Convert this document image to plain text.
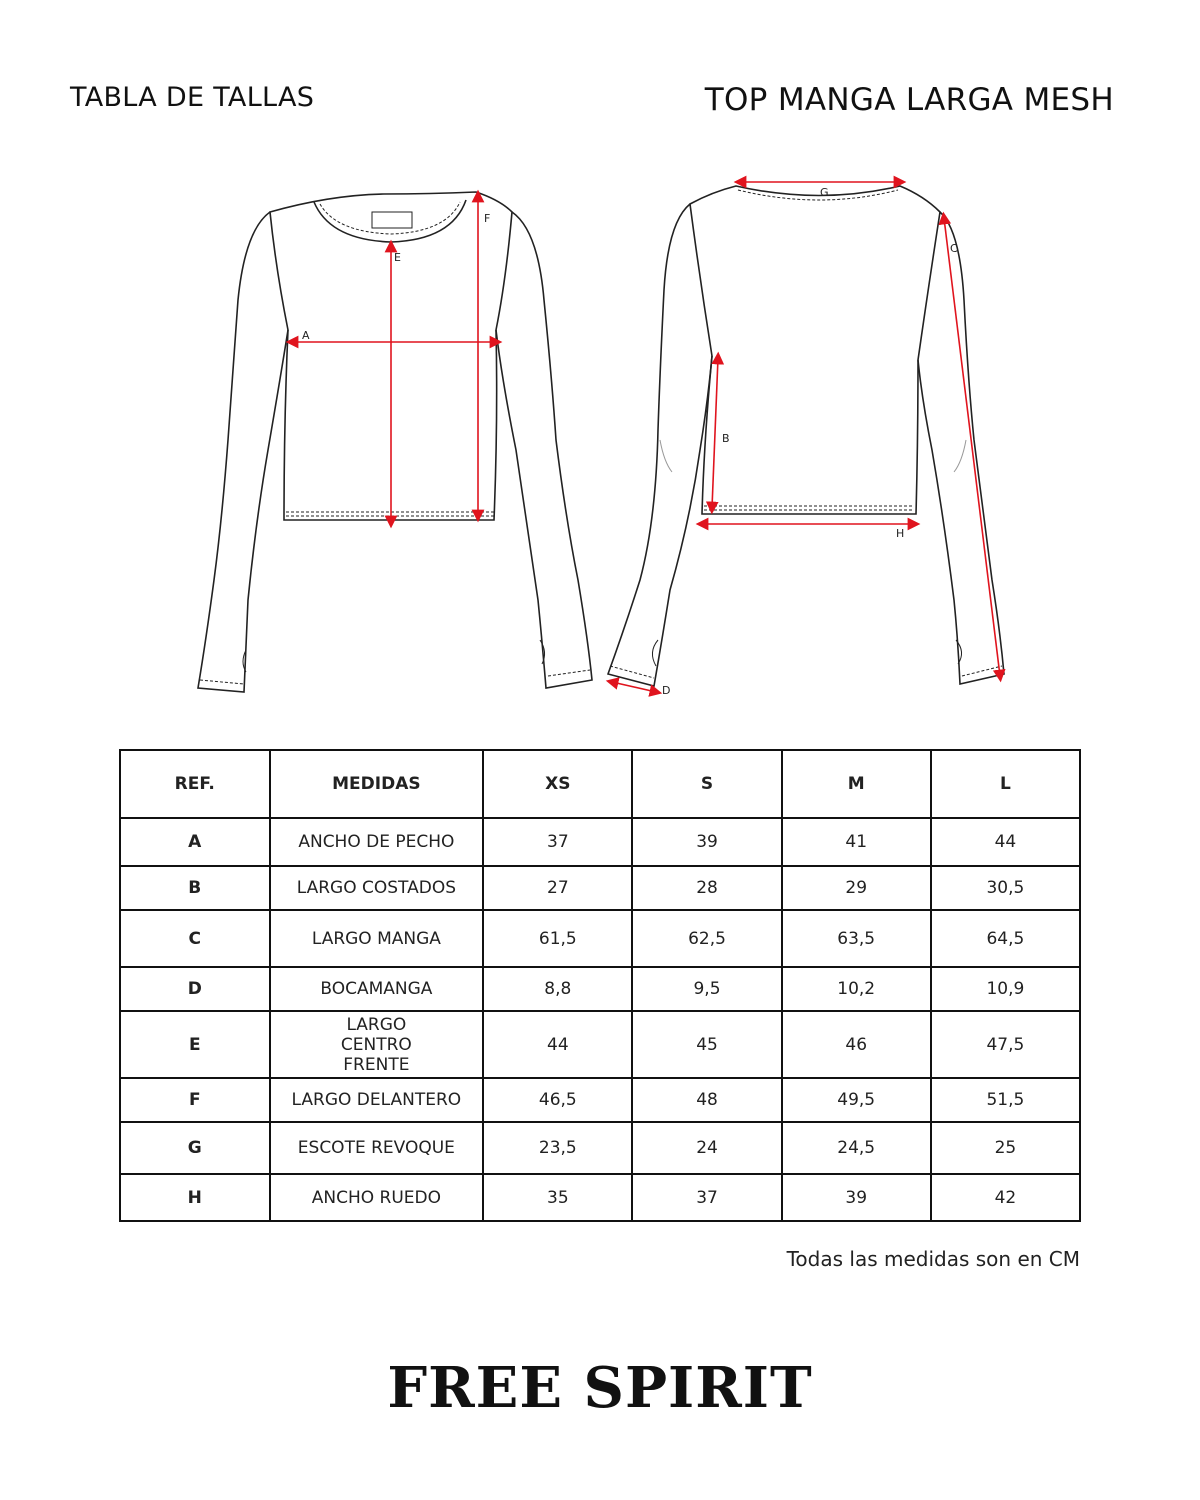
TABLA DE TALLAS	TOP MANGA LARGA MESH
A
E
F
G
C
B
H
D
REF.	MEDIDAS	XS	S	M	L
A	ANCHO DE PECHO	37	39	41	44
B	LARGO COSTADOS	27	28	29	30,5
C	LARGO MANGA	61,5	62,5	63,5	64,5
D	BOCAMANGA	8,8	9,5	10,2	10,9
E	LARGO CENTRO FRENTE	44	45	46	47,5
F	LARGO DELANTERO	46,5	48	49,5	51,5
G	ESCOTE REVOQUE	23,5	24	24,5	25
H	ANCHO RUEDO	35	37	39	42
Todas las medidas son en CM
FREE SPIRIT
